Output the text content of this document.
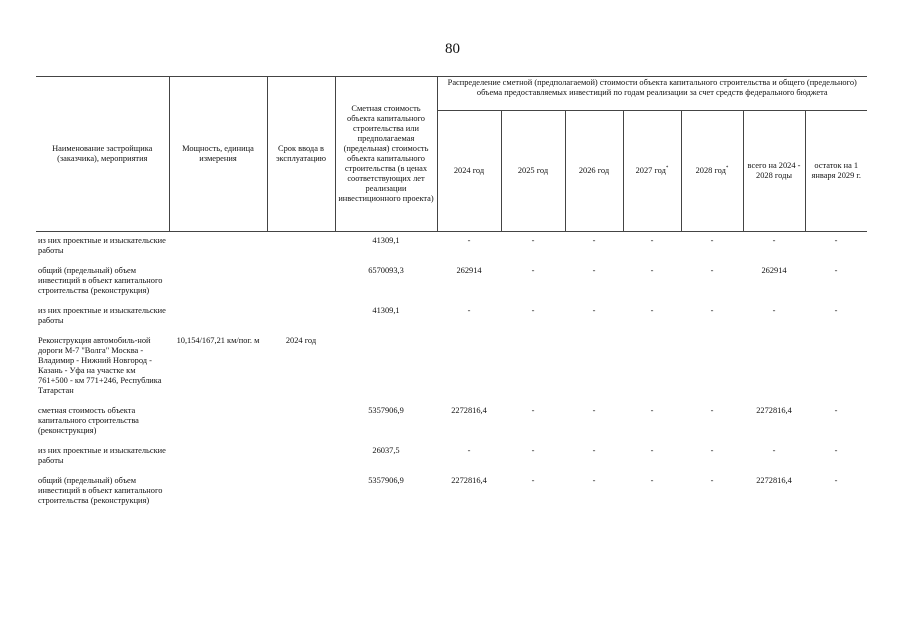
80
Наименование застройщика (заказчика), мероприятия	Мощность, единица измерения	Срок ввода в эксплуатацию	Сметная стоимость объекта капитального строительства или предполагаемая (предельная) стоимость объекта капитального строительства (в ценах соответствующих лет реализации инвестиционного проекта)	Распределение сметной (предполагаемой) стоимости объекта капитального строительства и общего (предельного) объема предоставляемых инвестиций по годам реализации за счет средств федерального бюджета						
				2024 год	2025 год	2026 год	2027 год*	2028 год*	всего на 2024 - 2028 годы	остаток на 1 января 2029 г.
из них проектные и изыскательские работы			41309,1	-	-	-	-	-	-	-
общий (предельный) объем инвестиций в объект капитального строительства (реконструкция)			6570093,3	262914	-	-	-	-	262914	-
из них проектные и изыскательские работы			41309,1	-	-	-	-	-	-	-
Реконструкция автомобиль-ной дороги М-7 "Волга" Москва - Владимир - Нижний Новгород - Казань - Уфа на участке км 761+500 - км 771+246, Республика Татарстан	10,154/167,21 км/пог. м	2024 год								
сметная стоимость объекта капитального строительства (реконструкция)			5357906,9	2272816,4	-	-	-	-	2272816,4	-
из них проектные и изыскательские работы			26037,5	-	-	-	-	-	-	-
общий (предельный) объем инвестиций в объект капитального строительства (реконструкция)			5357906,9	2272816,4	-	-	-	-	2272816,4	-
